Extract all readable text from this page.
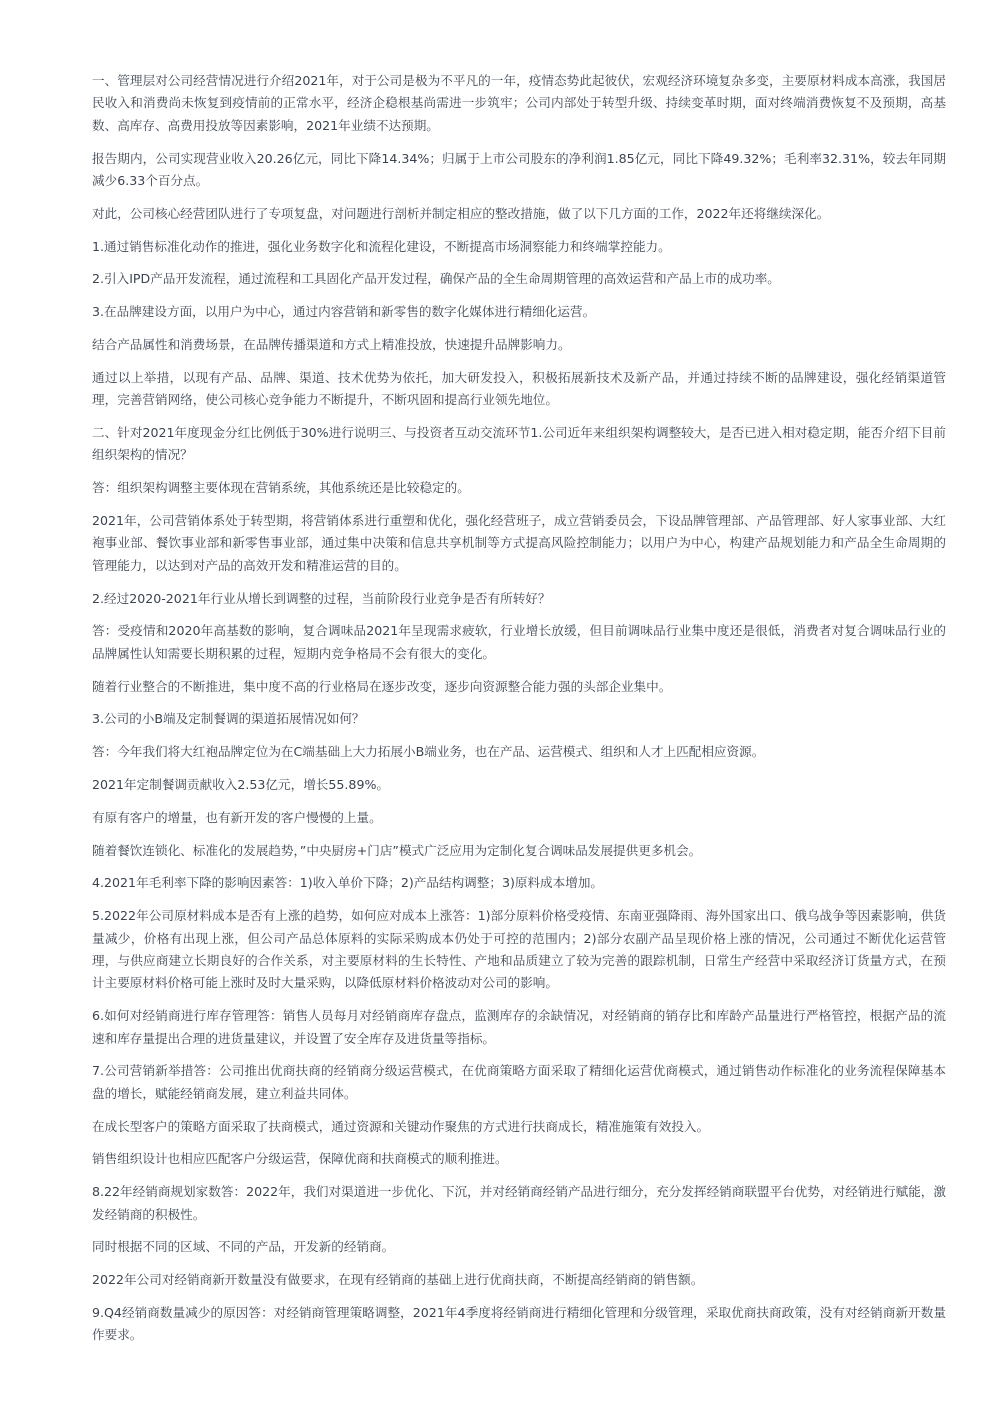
一、管理层对公司经营情况进行介绍2021年，对于公司是极为不平凡的一年，疫情态势此起彼伏，宏观经济环境复杂多变，主要原材料成本高涨，我国居民收入和消费尚未恢复到疫情前的正常水平，经济企稳根基尚需进一步筑牢；公司内部处于转型升级、持续变革时期，面对终端消费恢复不及预期，高基数、高库存、高费用投放等因素影响，2021年业绩不达预期。

报告期内，公司实现营业收入20.26亿元，同比下降14.34%；归属于上市公司股东的净利润1.85亿元，同比下降49.32%；毛利率32.31%，较去年同期减少6.33个百分点。

对此，公司核心经营团队进行了专项复盘，对问题进行剖析并制定相应的整改措施，做了以下几方面的工作，2022年还将继续深化。

1.通过销售标准化动作的推进，强化业务数字化和流程化建设，不断提高市场洞察能力和终端掌控能力。

2.引入IPD产品开发流程，通过流程和工具固化产品开发过程，确保产品的全生命周期管理的高效运营和产品上市的成功率。

3.在品牌建设方面，以用户为中心，通过内容营销和新零售的数字化媒体进行精细化运营。

结合产品属性和消费场景，在品牌传播渠道和方式上精准投放，快速提升品牌影响力。

通过以上举措，以现有产品、品牌、渠道、技术优势为依托，加大研发投入，积极拓展新技术及新产品，并通过持续不断的品牌建设，强化经销渠道管理，完善营销网络，使公司核心竞争能力不断提升，不断巩固和提高行业领先地位。

二、针对2021年度现金分红比例低于30%进行说明三、与投资者互动交流环节1.公司近年来组织架构调整较大，是否已进入相对稳定期，能否介绍下目前组织架构的情况？

答：组织架构调整主要体现在营销系统，其他系统还是比较稳定的。

2021年，公司营销体系处于转型期，将营销体系进行重塑和优化，强化经营班子，成立营销委员会，下设品牌管理部、产品管理部、好人家事业部、大红袍事业部、餐饮事业部和新零售事业部，通过集中决策和信息共享机制等方式提高风险控制能力；以用户为中心，构建产品规划能力和产品全生命周期的管理能力，以达到对产品的高效开发和精准运营的目的。

2.经过2020-2021年行业从增长到调整的过程，当前阶段行业竞争是否有所转好？

答：受疫情和2020年高基数的影响，复合调味品2021年呈现需求疲软，行业增长放缓，但目前调味品行业集中度还是很低，消费者对复合调味品行业的品牌属性认知需要长期积累的过程，短期内竞争格局不会有很大的变化。

随着行业整合的不断推进，集中度不高的行业格局在逐步改变，逐步向资源整合能力强的头部企业集中。

3.公司的小B端及定制餐调的渠道拓展情况如何？

答：今年我们将大红袍品牌定位为在C端基础上大力拓展小B端业务，也在产品、运营模式、组织和人才上匹配相应资源。

2021年定制餐调贡献收入2.53亿元，增长55.89%。

有原有客户的增量，也有新开发的客户慢慢的上量。

随着餐饮连锁化、标准化的发展趋势，”中央厨房+门店”模式广泛应用为定制化复合调味品发展提供更多机会。

4.2021年毛利率下降的影响因素答：1)收入单价下降；2)产品结构调整；3)原料成本增加。

5.2022年公司原材料成本是否有上涨的趋势，如何应对成本上涨答：1)部分原料价格受疫情、东南亚强降雨、海外国家出口、俄乌战争等因素影响，供货量减少，价格有出现上涨，但公司产品总体原料的实际采购成本仍处于可控的范围内；2)部分农副产品呈现价格上涨的情况，公司通过不断优化运营管理，与供应商建立长期良好的合作关系，对主要原材料的生长特性、产地和品质建立了较为完善的跟踪机制，日常生产经营中采取经济订货量方式，在预计主要原材料价格可能上涨时及时大量采购，以降低原材料价格波动对公司的影响。

6.如何对经销商进行库存管理答：销售人员每月对经销商库存盘点，监测库存的余缺情况，对经销商的销存比和库龄产品量进行严格管控，根据产品的流速和库存量提出合理的进货量建议，并设置了安全库存及进货量等指标。

7.公司营销新举措答：公司推出优商扶商的经销商分级运营模式，在优商策略方面采取了精细化运营优商模式，通过销售动作标准化的业务流程保障基本盘的增长，赋能经销商发展，建立利益共同体。

在成长型客户的策略方面采取了扶商模式，通过资源和关键动作聚焦的方式进行扶商成长，精准施策有效投入。

销售组织设计也相应匹配客户分级运营，保障优商和扶商模式的顺利推进。

8.22年经销商规划家数答：2022年，我们对渠道进一步优化、下沉，并对经销商经销产品进行细分，充分发挥经销商联盟平台优势，对经销进行赋能，激发经销商的积极性。

同时根据不同的区域、不同的产品，开发新的经销商。

2022年公司对经销商新开数量没有做要求，在现有经销商的基础上进行优商扶商，不断提高经销商的销售额。

9.Q4经销商数量减少的原因答：对经销商管理策略调整，2021年4季度将经销商进行精细化管理和分级管理，采取优商扶商政策，没有对经销商新开数量作要求。
